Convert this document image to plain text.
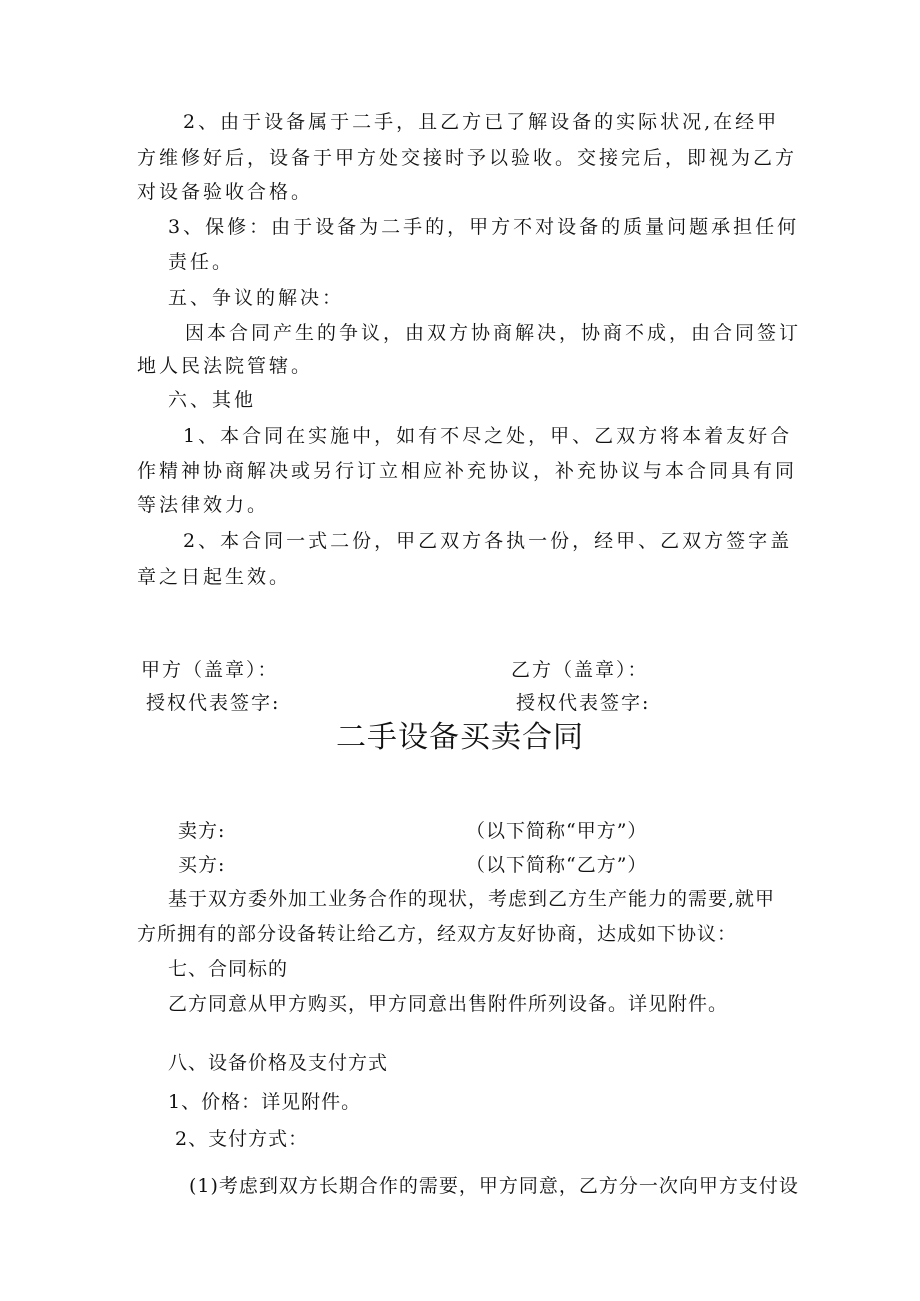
2、由于设备属于二手，且乙方已了解设备的实际状况,在经甲
方维修好后，设备于甲方处交接时予以验收。交接完后，即视为乙方
对设备验收合格。
3、保修：由于设备为二手的，甲方不对设备的质量问题承担任何
责任。
五、争议的解决：
因本合同产生的争议，由双方协商解决，协商不成，由合同签订
地人民法院管辖。
六、其他
1、本合同在实施中，如有不尽之处，甲、乙双方将本着友好合
作精神协商解决或另行订立相应补充协议，补充协议与本合同具有同
等法律效力。
2、本合同一式二份，甲乙双方各执一份，经甲、乙双方签字盖
章之日起生效。
甲方（盖章）：	乙方（盖章）：
授权代表签字:	授权代表签字:
二手设备买卖合同
卖方:	（以下简称“甲方”）
买方:	（以下简称“乙方”）
基于双方委外加工业务合作的现状，考虑到乙方生产能力的需要,就甲
方所拥有的部分设备转让给乙方，经双方友好协商，达成如下协议：
七、合同标的
乙方同意从甲方购买，甲方同意出售附件所列设备。详见附件。
八、设备价格及支付方式
1、价格：详见附件。
2、支付方式：
(1)考虑到双方长期合作的需要，甲方同意，乙方分一次向甲方支付设
